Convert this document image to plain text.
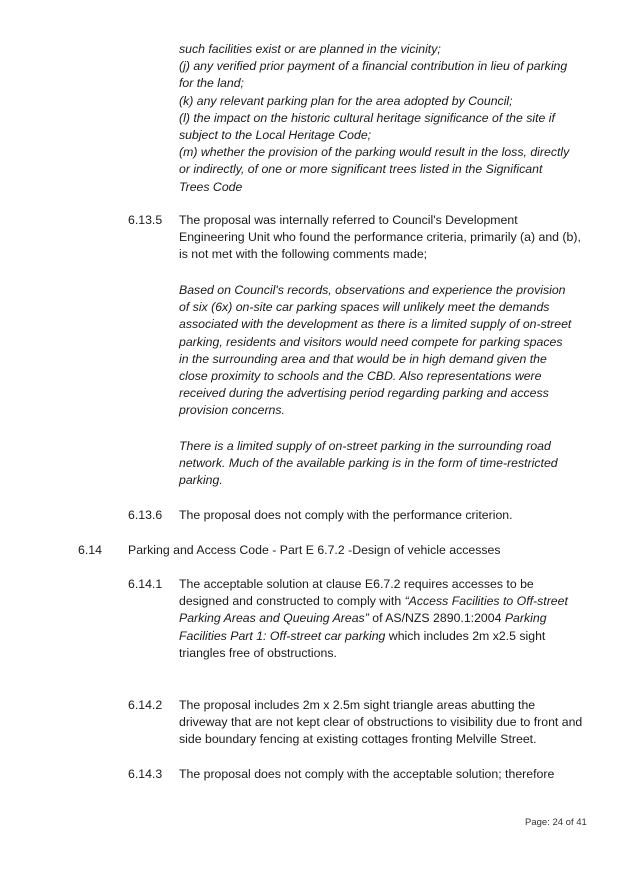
such facilities exist or are planned in the vicinity;
(j) any verified prior payment of a financial contribution in lieu of parking
for the land;
(k) any relevant parking plan for the area adopted by Council;
(l) the impact on the historic cultural heritage significance of the site if
subject to the Local Heritage Code;
(m) whether the provision of the parking would result in the loss, directly
or indirectly, of one or more significant trees listed in the Significant
Trees Code
6.13.5 The proposal was internally referred to Council's Development
Engineering Unit who found the performance criteria, primarily (a) and (b),
is not met with the following comments made;
Based on Council's records, observations and experience the provision
of six (6x) on-site car parking spaces will unlikely meet the demands
associated with the development as there is a limited supply of on-street
parking, residents and visitors would need compete for parking spaces
in the surrounding area and that would be in high demand given the
close proximity to schools and the CBD. Also representations were
received during the advertising period regarding parking and access
provision concerns.
There is a limited supply of on-street parking in the surrounding road
network. Much of the available parking is in the form of time-restricted
parking.
6.13.6 The proposal does not comply with the performance criterion.
6.14 Parking and Access Code - Part E 6.7.2 -Design of vehicle accesses
6.14.1 The acceptable solution at clause E6.7.2 requires accesses to be
designed and constructed to comply with “Access Facilities to Off-street
Parking Areas and Queuing Areas” of AS/NZS 2890.1:2004 Parking
Facilities Part 1: Off-street car parking which includes 2m x2.5 sight
triangles free of obstructions.
6.14.2 The proposal includes 2m x 2.5m sight triangle areas abutting the
driveway that are not kept clear of obstructions to visibility due to front and
side boundary fencing at existing cottages fronting Melville Street.
6.14.3 The proposal does not comply with the acceptable solution; therefore
Page: 24 of 41
